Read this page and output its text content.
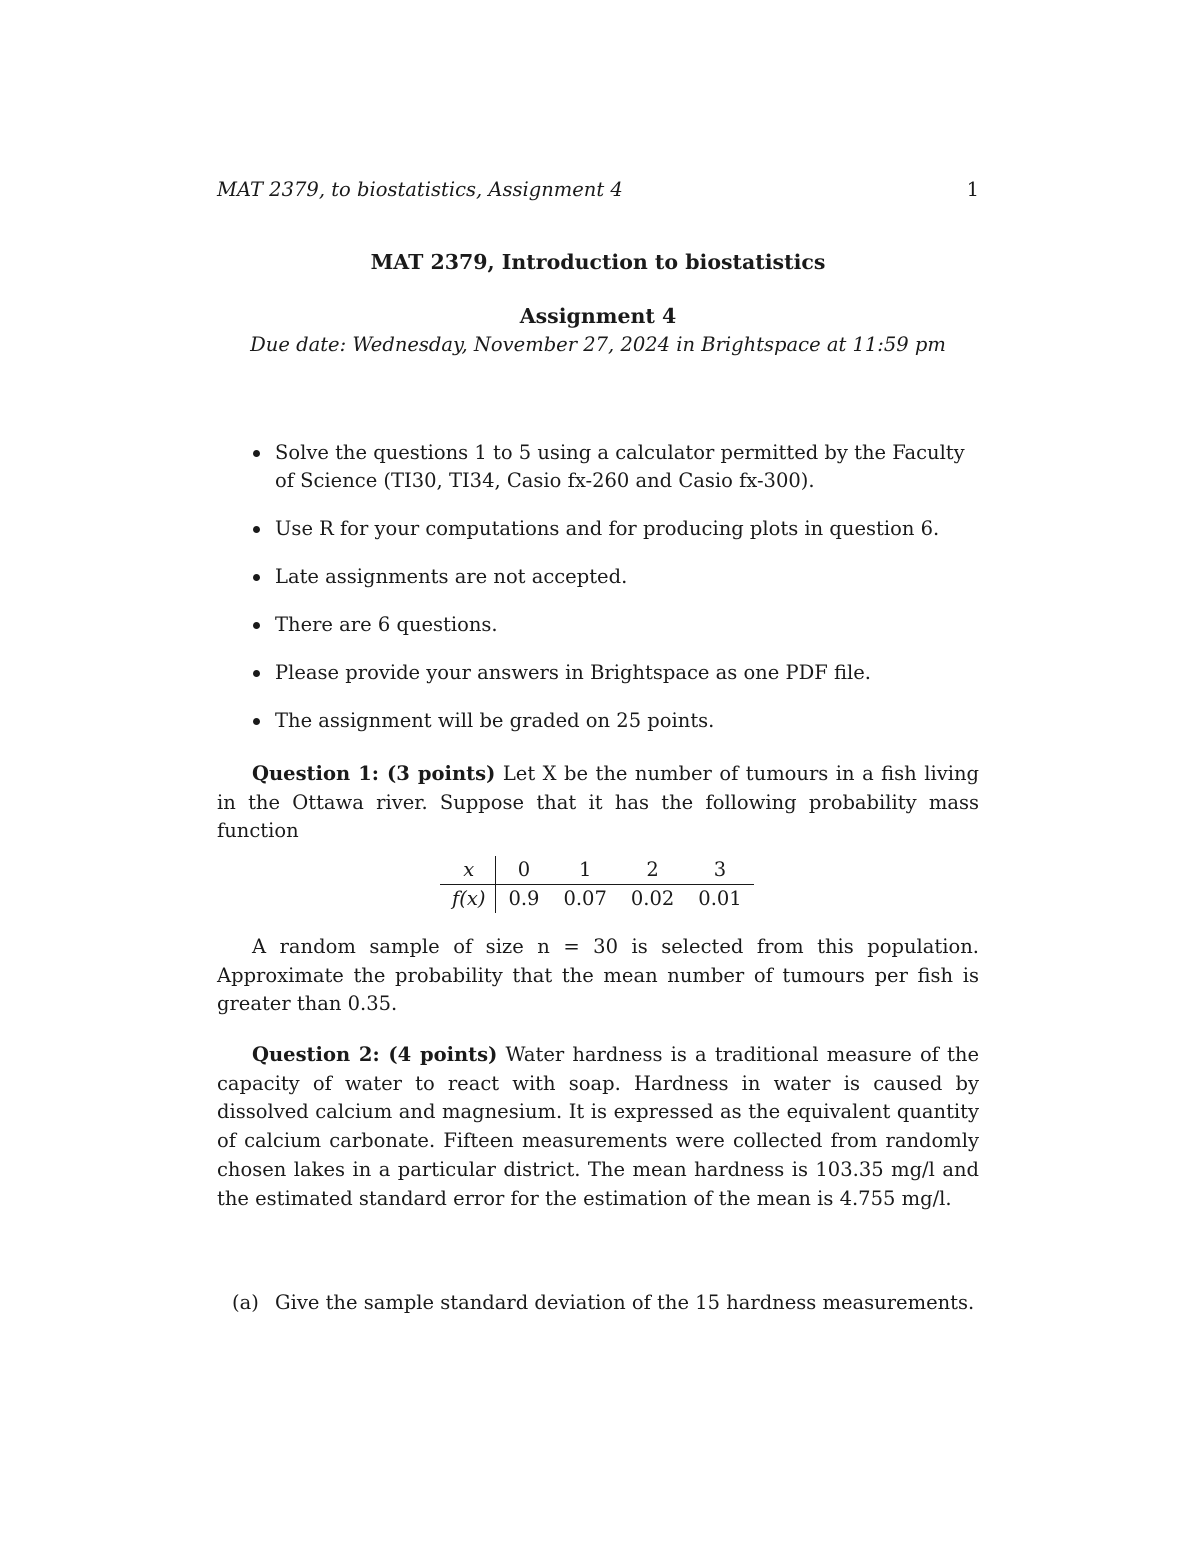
MAT 2379, to biostatistics, Assignment 4	1
MAT 2379, Introduction to biostatistics
Assignment 4
Due date: Wednesday, November 27, 2024 in Brightspace at 11:59 pm
Solve the questions 1 to 5 using a calculator permitted by the Faculty of Science (TI30, TI34, Casio fx-260 and Casio fx-300).
Use R for your computations and for producing plots in question 6.
Late assignments are not accepted.
There are 6 questions.
Please provide your answers in Brightspace as one PDF file.
The assignment will be graded on 25 points.

Question 1: (3 points) Let X be the number of tumours in a fish living in the Ottawa river. Suppose that it has the following probability mass function

x	0	1	2	3
f(x)	0.9	0.07	0.02	0.01

A random sample of size n = 30 is selected from this population. Approximate the probability that the mean number of tumours per fish is greater than 0.35.

Question 2: (4 points) Water hardness is a traditional measure of the capacity of water to react with soap. Hardness in water is caused by dissolved calcium and magnesium. It is expressed as the equivalent quantity of calcium carbonate. Fifteen measurements were collected from randomly chosen lakes in a particular district. The mean hardness is 103.35 mg/l and the estimated standard error for the estimation of the mean is 4.755 mg/l.

(a) Give the sample standard deviation of the 15 hardness measurements.
